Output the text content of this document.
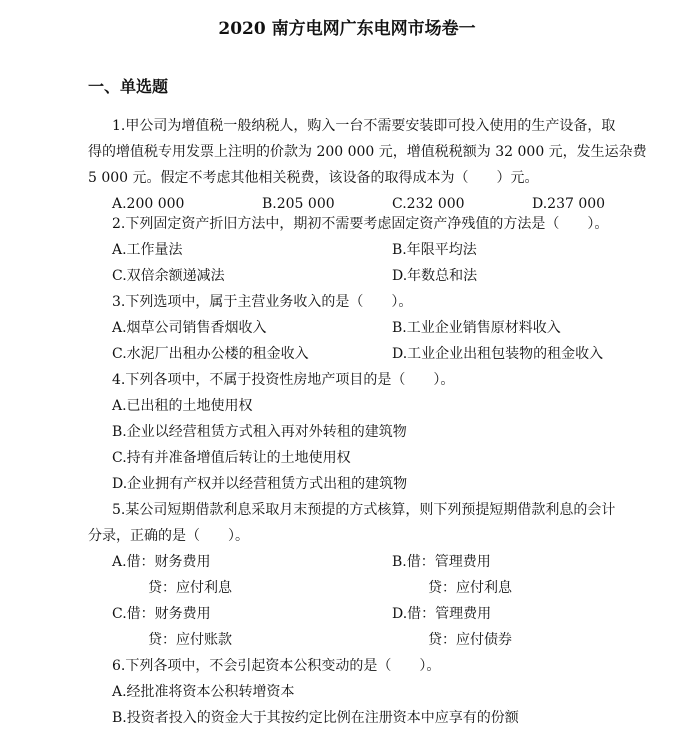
2020 南方电网广东电网市场卷一
一、单选题
1.甲公司为增值税一般纳税人，购入一台不需要安装即可投入使用的生产设备，取
得的增值税专用发票上注明的价款为 200 000 元，增值税税额为 32 000 元，发生运杂费
5 000 元。假定不考虑其他相关税费，该设备的取得成本为（　　）元。
A.200 000	B.205 000	C.232 000	D.237 000
2.下列固定资产折旧方法中，期初不需要考虑固定资产净残值的方法是（　　）。
A.工作量法	B.年限平均法
C.双倍余额递减法	D.年数总和法
3.下列选项中，属于主营业务收入的是（　　）。
A.烟草公司销售香烟收入	B.工业企业销售原材料收入
C.水泥厂出租办公楼的租金收入	D.工业企业出租包装物的租金收入
4.下列各项中，不属于投资性房地产项目的是（　　）。
A.已出租的土地使用权
B.企业以经营租赁方式租入再对外转租的建筑物
C.持有并准备增值后转让的土地使用权
D.企业拥有产权并以经营租赁方式出租的建筑物
5.某公司短期借款利息采取月末预提的方式核算，则下列预提短期借款利息的会计
分录，正确的是（　　）。
A.借：财务费用	B.借：管理费用
贷：应付利息	贷：应付利息
C.借：财务费用	D.借：管理费用
贷：应付账款	贷：应付债券
6.下列各项中，不会引起资本公积变动的是（　　）。
A.经批准将资本公积转增资本
B.投资者投入的资金大于其按约定比例在注册资本中应享有的份额
